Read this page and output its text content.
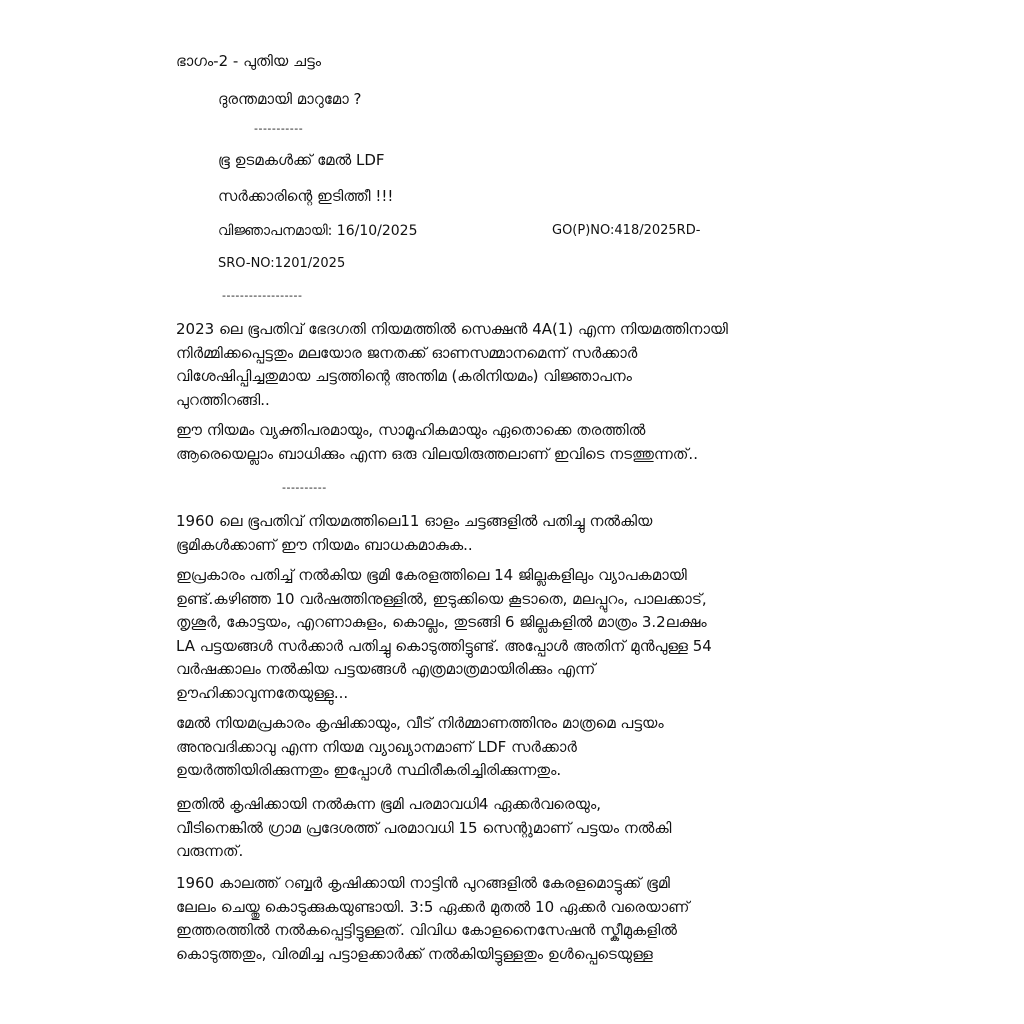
ഭാഗം-2 - പുതിയ ചട്ടം
ദുരന്തമായി മാറുമോ ?
-----------
ഭൂ ഉടമകൾക്ക് മേൽ LDF
സർക്കാരിന്റെ ഇടിത്തീ !!!
വിജ്ഞാപനമായി: 16/10/2025	GO(P)NO:418/2025RD-
SRO-NO:1201/2025
------------------
2023 ലെ ഭൂപതിവ് ഭേദഗതി നിയമത്തിൽ സെക്ഷൻ 4A(1) എന്ന നിയമത്തിനായി
നിർമ്മിക്കപ്പെട്ടതും മലയോര ജനതക്ക് ഓണസമ്മാനമെന്ന് സർക്കാർ
വിശേഷിപ്പിച്ചതുമായ ചട്ടത്തിന്റെ അന്തിമ (കരിനിയമം) വിജ്ഞാപനം
പുറത്തിറങ്ങി..
ഈ നിയമം വ്യക്തിപരമായും, സാമൂഹികമായും ഏതൊക്കെ തരത്തിൽ
ആരെയെല്ലാം ബാധിക്കും എന്ന ഒരു വിലയിരുത്തലാണ് ഇവിടെ നടത്തുന്നത്..
----------
1960 ലെ ഭൂപതിവ് നിയമത്തിലെ11 ഓളം ചട്ടങ്ങളിൽ പതിച്ചു നൽകിയ
ഭൂമികൾക്കാണ് ഈ നിയമം ബാധകമാകുക..
ഇപ്രകാരം പതിച്ച് നൽകിയ ഭൂമി കേരളത്തിലെ 14 ജില്ലകളിലും വ്യാപകമായി
ഉണ്ട്.കഴിഞ്ഞ 10 വർഷത്തിനുള്ളിൽ, ഇടുക്കിയെ കൂടാതെ, മലപ്പുറം, പാലക്കാട്,
തൃശൂർ, കോട്ടയം, എറണാകുളം, കൊല്ലം, തുടങ്ങി 6 ജില്ലകളിൽ മാത്രം 3.2ലക്ഷം
LA പട്ടയങ്ങൾ സർക്കാർ പതിച്ചു കൊടുത്തിട്ടുണ്ട്. അപ്പോൾ അതിന് മുൻപുള്ള 54
വർഷക്കാലം നൽകിയ പട്ടയങ്ങൾ എത്രമാത്രമായിരിക്കും എന്ന്
ഊഹിക്കാവുന്നതേയുള്ളു...
മേൽ നിയമപ്രകാരം കൃഷിക്കായും, വീട് നിർമ്മാണത്തിനും മാത്രമെ പട്ടയം
അനുവദിക്കാവു എന്ന നിയമ വ്യാഖ്യാനമാണ് LDF സർക്കാർ
ഉയർത്തിയിരിക്കുന്നതും ഇപ്പോൾ സ്ഥിരീകരിച്ചിരിക്കുന്നതും.
ഇതിൽ കൃഷിക്കായി നൽകുന്ന ഭൂമി പരമാവധി4 ഏക്കർവരെയും,
വീടിനെങ്കിൽ ഗ്രാമ പ്രദേശത്ത് പരമാവധി 15 സെന്റുമാണ് പട്ടയം നൽകി
വരുന്നത്.
1960 കാലത്ത് റബ്ബർ കൃഷിക്കായി നാട്ടിൻ പുറങ്ങളിൽ കേരളമൊട്ടുക്ക് ഭൂമി
ലേലം ചെയ്തു കൊടുക്കുകയുണ്ടായി. 3:5 ഏക്കർ മുതൽ 10 ഏക്കർ വരെയാണ്
ഇത്തരത്തിൽ നൽകപ്പെട്ടിട്ടുള്ളത്. വിവിധ കോളനൈസേഷൻ സ്കീമുകളിൽ
കൊടുത്തതും, വിരമിച്ച പട്ടാളക്കാർക്ക് നൽകിയിട്ടുള്ളതും ഉൾപ്പെടെയുള്ള
